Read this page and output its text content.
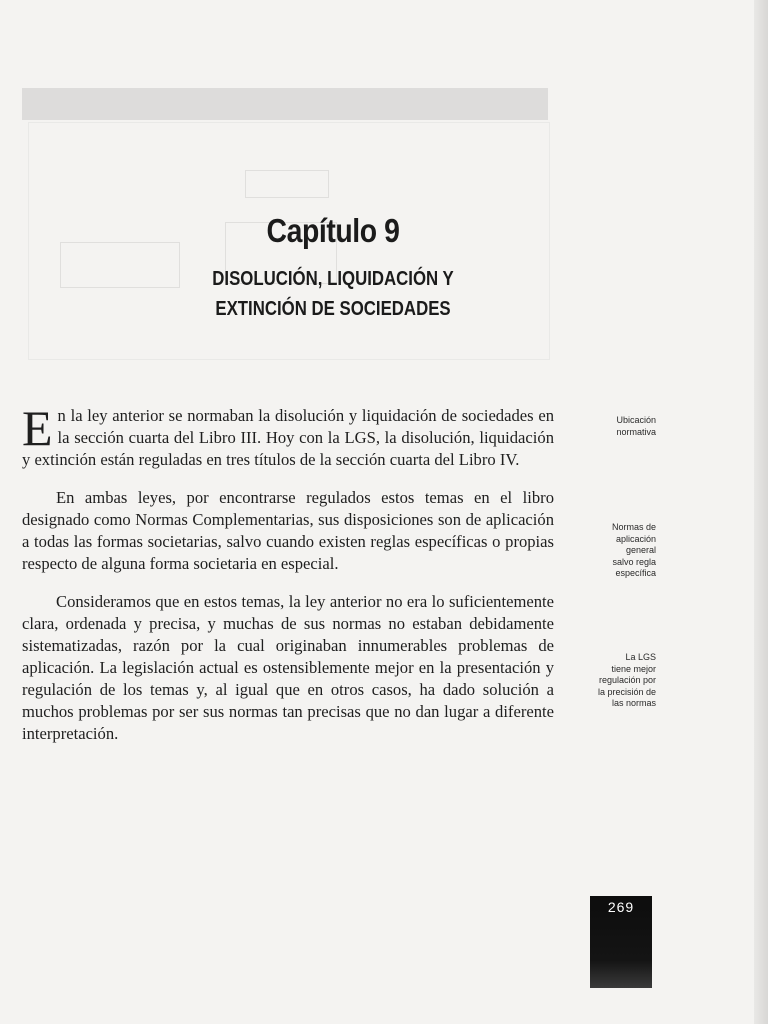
Capítulo 9
DISOLUCIÓN, LIQUIDACIÓN Y
EXTINCIÓN DE SOCIEDADES

En la ley anterior se normaban la disolución y liquidación de sociedades en la sección cuarta del Libro III. Hoy con la LGS, la disolución, liquidación y extinción están reguladas en tres títulos de la sección cuarta del Libro IV.

En ambas leyes, por encontrarse regulados estos temas en el libro designado como Normas Complementarias, sus disposiciones son de aplicación a todas las formas societarias, salvo cuando existen reglas específicas o propias respecto de alguna forma societaria en especial.

Consideramos que en estos temas, la ley anterior no era lo suficientemente clara, ordenada y precisa, y muchas de sus normas no estaban debidamente sistematizadas, razón por la cual originaban innumerables problemas de aplicación. La legislación actual es ostensiblemente mejor en la presentación y regulación de los temas y, al igual que en otros casos, ha dado solución a muchos problemas por ser sus normas tan precisas que no dan lugar a diferente interpretación.

Ubicación
normativa
Normas de
aplicación
general
salvo regla
específica
La LGS
tiene mejor
regulación por
la precisión de
las normas
269
